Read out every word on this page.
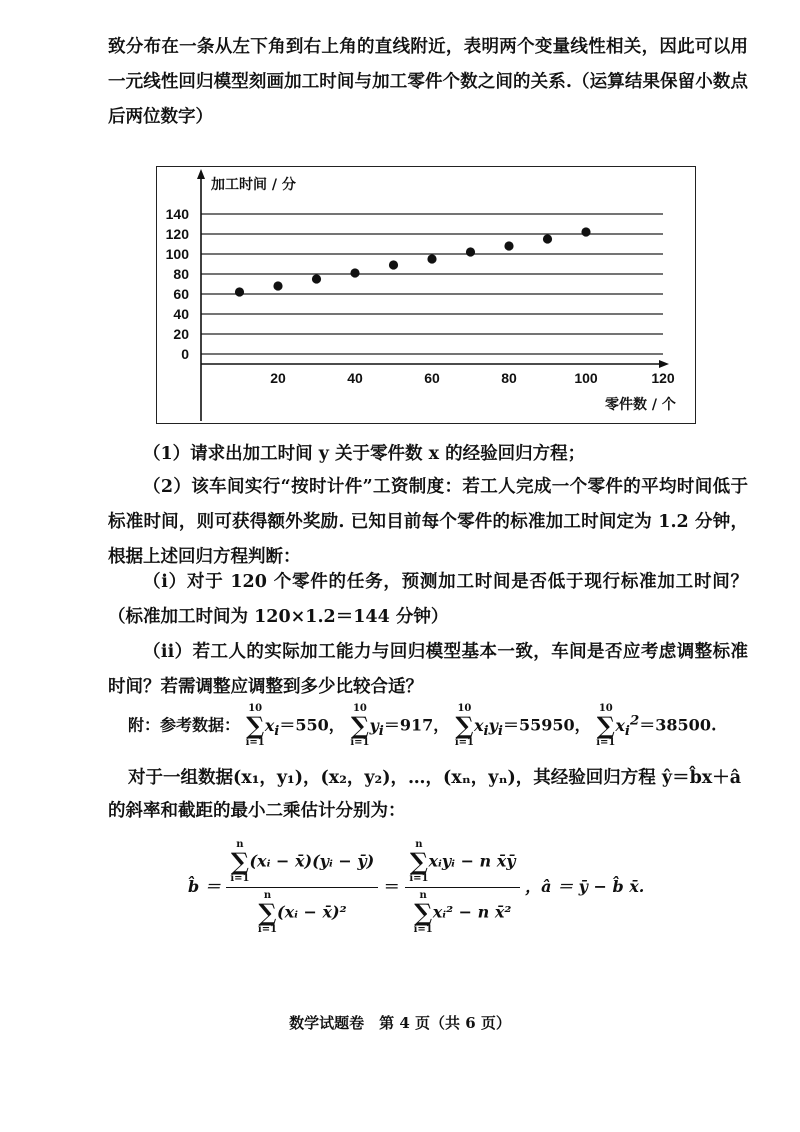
致分布在一条从左下角到右上角的直线附近，表明两个变量线性相关，因此可以用一元线性回归模型刻画加工时间与加工零件个数之间的关系.（运算结果保留小数点后两位数字）

加工时间 / 分
零件数 / 个
0
20
40
60
80
100
120
140
20	40	60	80	100	120

（1）请求出加工时间 y 关于零件数 x 的经验回归方程；

（2）该车间实行“按时计件”工资制度：若工人完成一个零件的平均时间低于标准时间，则可获得额外奖励. 已知目前每个零件的标准加工时间定为 1.2 分钟，根据上述回归方程判断：

（i）对于 120 个零件的任务，预测加工时间是否低于现行标准加工时间？（标准加工时间为 120×1.2＝144 分钟）

（ii）若工人的实际加工能力与回归模型基本一致，车间是否应考虑调整标准时间？若需调整应调整到多少比较合适？

附：参考数据：
10
∑
i=1
$x_i=550$，
10
∑
i=1
$y_i=917$，
10
∑
i=1
$x_iy_i=55950$，
10
∑
i=1
$x_i^2=38500$.
对于一组数据(x₁，y₁)，(x₂，y₂)，…，(xₙ，yₙ)，其经验回归方程 ŷ＝b̂x＋â
的斜率和截距的最小二乘估计分别为：
b̂ ＝ n
∑
i=1
(xᵢ − x̄)(yᵢ − ȳ)
n
∑
i=1
(xᵢ − x̄)² ＝ n
∑
i=1
xᵢyᵢ − n x̄ȳ
n
∑
i=1
xᵢ² − n x̄² ，â ＝ ȳ − b̂ x̄.
数学试题卷　第 4 页（共 6 页）
